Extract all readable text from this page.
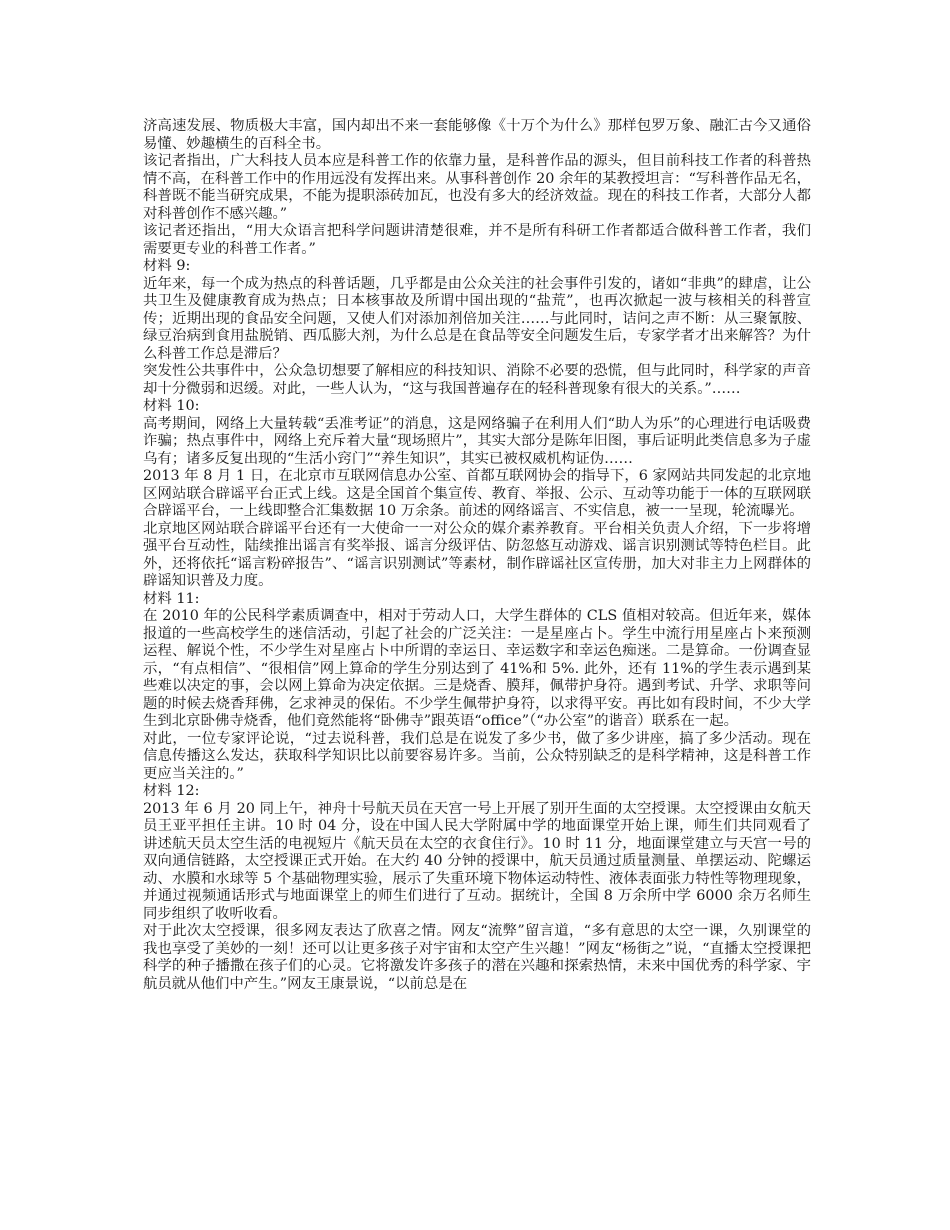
济高速发展、物质极大丰富，国内却出不来一套能够像《十万个为什么》那样包罗万象、融汇古今又通俗易懂、妙趣横生的百科全书。

该记者指出，广大科技人员本应是科普工作的依靠力量，是科普作品的源头，但目前科技工作者的科普热情不高，在科普工作中的作用远没有发挥出来。从事科普创作 20 余年的某教授坦言：“写科普作品无名，科普既不能当研究成果，不能为提职添砖加瓦，也没有多大的经济效益。现在的科技工作者，大部分人都对科普创作不感兴趣。”

该记者还指出，“用大众语言把科学问题讲清楚很难，并不是所有科研工作者都适合做科普工作者，我们需要更专业的科普工作者。”

材料 9:

近年来，每一个成为热点的科普话题，几乎都是由公众关注的社会事件引发的，诸如“非典”的肆虐，让公共卫生及健康教育成为热点；日本核事故及所谓中国出现的“盐荒”，也再次掀起一波与核相关的科普宣传；近期出现的食品安全问题，又使人们对添加剂倍加关注……与此同时，诘问之声不断：从三聚氰胺、绿豆治病到食用盐脱销、西瓜膨大剂，为什么总是在食品等安全问题发生后，专家学者才出来解答？为什么科普工作总是滞后？

突发性公共事件中，公众急切想要了解相应的科技知识、消除不必要的恐慌，但与此同时，科学家的声音却十分微弱和迟缓。对此，一些人认为，“这与我国普遍存在的轻科普现象有很大的关系。”……

材料 10:

高考期间，网络上大量转载“丢准考证”的消息，这是网络骗子在利用人们“助人为乐”的心理进行电话吸费诈骗；热点事件中，网络上充斥着大量“现场照片”，其实大部分是陈年旧图，事后证明此类信息多为子虚乌有；诸多反复出现的“生活小窍门”“养生知识”，其实已被权威机构证伪……

2013 年 8 月 1 日，在北京市互联网信息办公室、首都互联网协会的指导下，6 家网站共同发起的北京地区网站联合辟谣平台正式上线。这是全国首个集宣传、教育、举报、公示、互动等功能于一体的互联网联合辟谣平台，一上线即整合汇集数据 10 万余条。前述的网络谣言、不实信息，被一一呈现，轮流曝光。

北京地区网站联合辟谣平台还有一大使命一一对公众的媒介素养教育。平台相关负责人介绍，下一步将增强平台互动性，陆续推出谣言有奖举报、谣言分级评估、防忽悠互动游戏、谣言识别测试等特色栏目。此外，还将依托“谣言粉碎报告”、“谣言识别测试”等素材，制作辟谣社区宣传册，加大对非主力上网群体的辟谣知识普及力度。

材料 11:

在 2010 年的公民科学素质调查中，相对于劳动人口，大学生群体的 CLS 值相对较高。但近年来，媒体报道的一些高校学生的迷信活动，引起了社会的广泛关注：一是星座占卜。学生中流行用星座占卜来预测运程、解说个性，不少学生对星座占卜中所谓的幸运日、幸运数字和幸运色痴迷。二是算命。一份调查显示，“有点相信”、“很相信”网上算命的学生分别达到了 41%和 5%. 此外，还有 11%的学生表示遇到某些难以决定的事，会以网上算命为决定依据。三是烧香、膜拜，佩带护身符。遇到考试、升学、求职等问题的时候去烧香拜佛，乞求神灵的保佑。不少学生佩带护身符，以求得平安。再比如有段时间，不少大学生到北京卧佛寺烧香，他们竟然能将“卧佛寺”跟英语“office”（“办公室”的谐音）联系在一起。

对此，一位专家评论说，“过去说科普，我们总是在说发了多少书，做了多少讲座，搞了多少活动。现在信息传播这么发达，获取科学知识比以前要容易许多。当前，公众特别缺乏的是科学精神，这是科普工作更应当关注的。”

材料 12:

2013 年 6 月 20 同上午，神舟十号航天员在天宫一号上开展了别开生面的太空授课。太空授课由女航天员王亚平担任主讲。10 时 04 分，设在中国人民大学附属中学的地面课堂开始上课，师生们共同观看了讲述航天员太空生活的电视短片《航天员在太空的衣食住行》。10 时 11 分，地面课堂建立与天宫一号的双向通信链路，太空授课正式开始。在大约 40 分钟的授课中，航天员通过质量测量、单摆运动、陀螺运动、水膜和水球等 5 个基础物理实验，展示了失重环境下物体运动特性、液体表面张力特性等物理现象，并通过视频通话形式与地面课堂上的师生们进行了互动。据统计，全国 8 万余所中学 6000 余万名师生同步组织了收听收看。

对于此次太空授课，很多网友表达了欣喜之情。网友“流弊”留言道，“多有意思的太空一课，久别课堂的我也享受了美妙的一刻！还可以让更多孩子对宇宙和太空产生兴趣！”网友“杨街之”说，“直播太空授课把科学的种子播撒在孩子们的心灵。它将激发许多孩子的潜在兴趣和探索热情，未来中国优秀的科学家、宇航员就从他们中产生。”网友王康景说，“以前总是在
